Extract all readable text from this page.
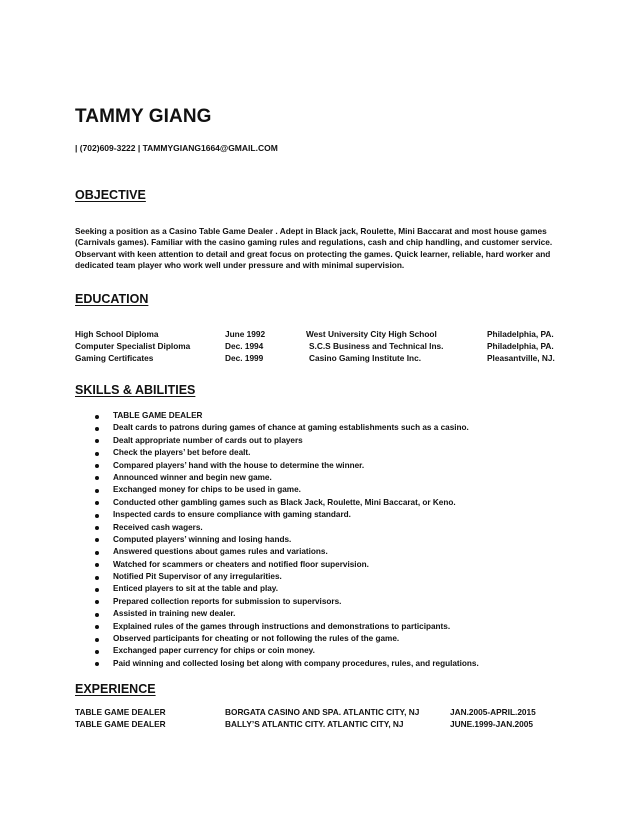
TAMMY GIANG
| (702)609-3222 | TAMMYGIANG1664@GMAIL.COM
OBJECTIVE

Seeking a position as a Casino Table Game Dealer . Adept in Black jack, Roulette, Mini Baccarat and most house games (Carnivals games). Familiar with the casino gaming rules and regulations, cash and chip handling, and customer service. Observant with keen attention to detail and great focus on protecting the games. Quick learner, reliable, hard worker and dedicated team player who work well under pressure and with minimal supervision.

EDUCATION
High School Diploma	June 1992	West University City High School	Philadelphia, PA.
Computer Specialist Diploma	Dec. 1994	S.C.S Business and Technical Ins.	Philadelphia, PA.
Gaming Certificates	Dec. 1999	Casino Gaming Institute Inc.	Pleasantville, NJ.
SKILLS & ABILITIES
TABLE GAME DEALER
Dealt cards to patrons during games of chance at gaming establishments such as a casino.
Dealt appropriate number of cards out to players
Check the players’ bet before dealt.
Compared players’ hand with the house to determine the winner.
Announced winner and begin new game.
Exchanged money for chips to be used in game.
Conducted other gambling games such as Black Jack, Roulette, Mini Baccarat, or Keno.
Inspected cards to ensure compliance with gaming standard.
Received cash wagers.
Computed players’ winning and losing hands.
Answered questions about games rules and variations.
Watched for scammers or cheaters and notified floor supervision.
Notified Pit Supervisor of any irregularities.
Enticed players to sit at the table and play.
Prepared collection reports for submission to supervisors.
Assisted in training new dealer.
Explained rules of the games through instructions and demonstrations to participants.
Observed participants for cheating or not following the rules of the game.
Exchanged paper currency for chips or coin money.
Paid winning and collected losing bet along with company procedures, rules, and regulations.
EXPERIENCE
TABLE GAME DEALER	BORGATA CASINO AND SPA. ATLANTIC CITY, NJ	JAN.2005-APRIL.2015
TABLE GAME DEALER	BALLY’S ATLANTIC CITY. ATLANTIC CITY, NJ	JUNE.1999-JAN.2005
